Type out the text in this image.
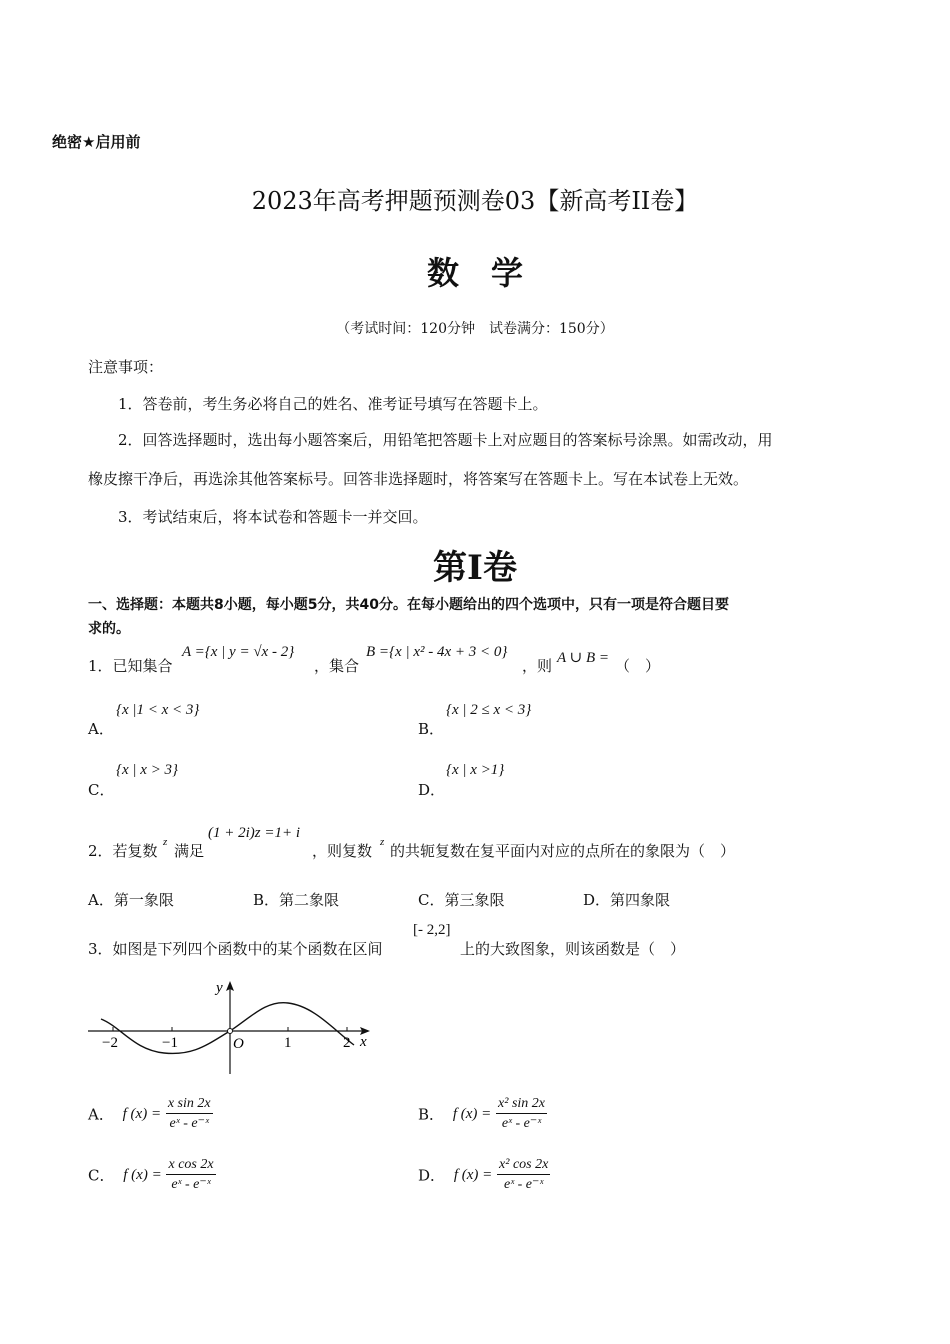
绝密★启用前
2023年高考押题预测卷03【新高考II卷】
数　学
（考试时间：120分钟　试卷满分：150分）
注意事项：
1．答卷前，考生务必将自己的姓名、准考证号填写在答题卡上。
2．回答选择题时，选出每小题答案后，用铅笔把答题卡上对应题目的答案标号涂黑。如需改动，用
橡皮擦干净后，再选涂其他答案标号。回答非选择题时，将答案写在答题卡上。写在本试卷上无效。
3．考试结束后，将本试卷和答题卡一并交回。
第Ⅰ卷
一、选择题：本题共8小题，每小题5分，共40分。在每小题给出的四个选项中，只有一项是符合题目要
求的。
1．已知集合
A ={x | y = √x - 2}
，集合
B ={x | x² - 4x + 3 < 0}
，则 A ∪ B = （　）
A．
{x |1 < x < 3}
B．
{x | 2 ≤ x < 3}
C．
{x | x > 3}
D．
{x | x >1}
2．若复数 z 满足
(1 + 2i)z =1+ i
，则复数 z 的共轭复数在复平面内对应的点所在的象限为（　）
A．第一象限	B．第二象限	C．第三象限	D．第四象限
3．如图是下列四个函数中的某个函数在区间
[- 2,2]
上的大致图象，则该函数是（　）
y
x
O
−2	−1	1	2
A． f $(x) = \frac{\text{x sin 2x}}{\text{eˣ - e⁻ˣ}}$	B． f $(x) = \frac{\text{x² sin 2x}}{\text{eˣ - e⁻ˣ}}$
C． f $(x) = \frac{\text{x cos 2x}}{\text{eˣ - e⁻ˣ}}$	D． f $(x) = \frac{\text{x² cos 2x}}{\text{eˣ - e⁻ˣ}}$
